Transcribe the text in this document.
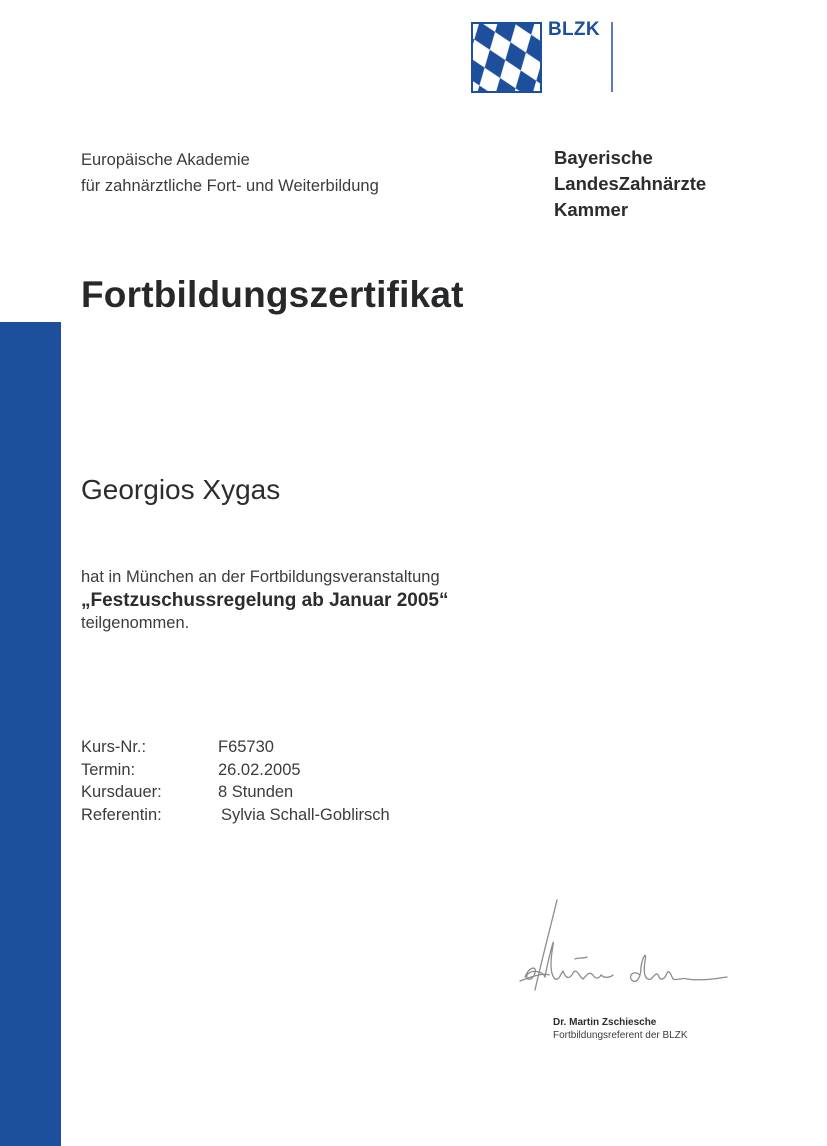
BLZK
Europäische Akademie
für zahnärztliche Fort- und Weiterbildung
Bayerische
LandesZahnärzte
Kammer
Fortbildungszertifikat
Georgios Xygas
hat in München an der Fortbildungsveranstaltung
„Festzuschussregelung ab Januar 2005“
teilgenommen.
Kurs-Nr.:	F65730
Termin:	26.02.2005
Kursdauer:	8 Stunden
Referentin:	Sylvia Schall-Goblirsch
Dr. Martin Zschiesche
Fortbildungsreferent der BLZK
